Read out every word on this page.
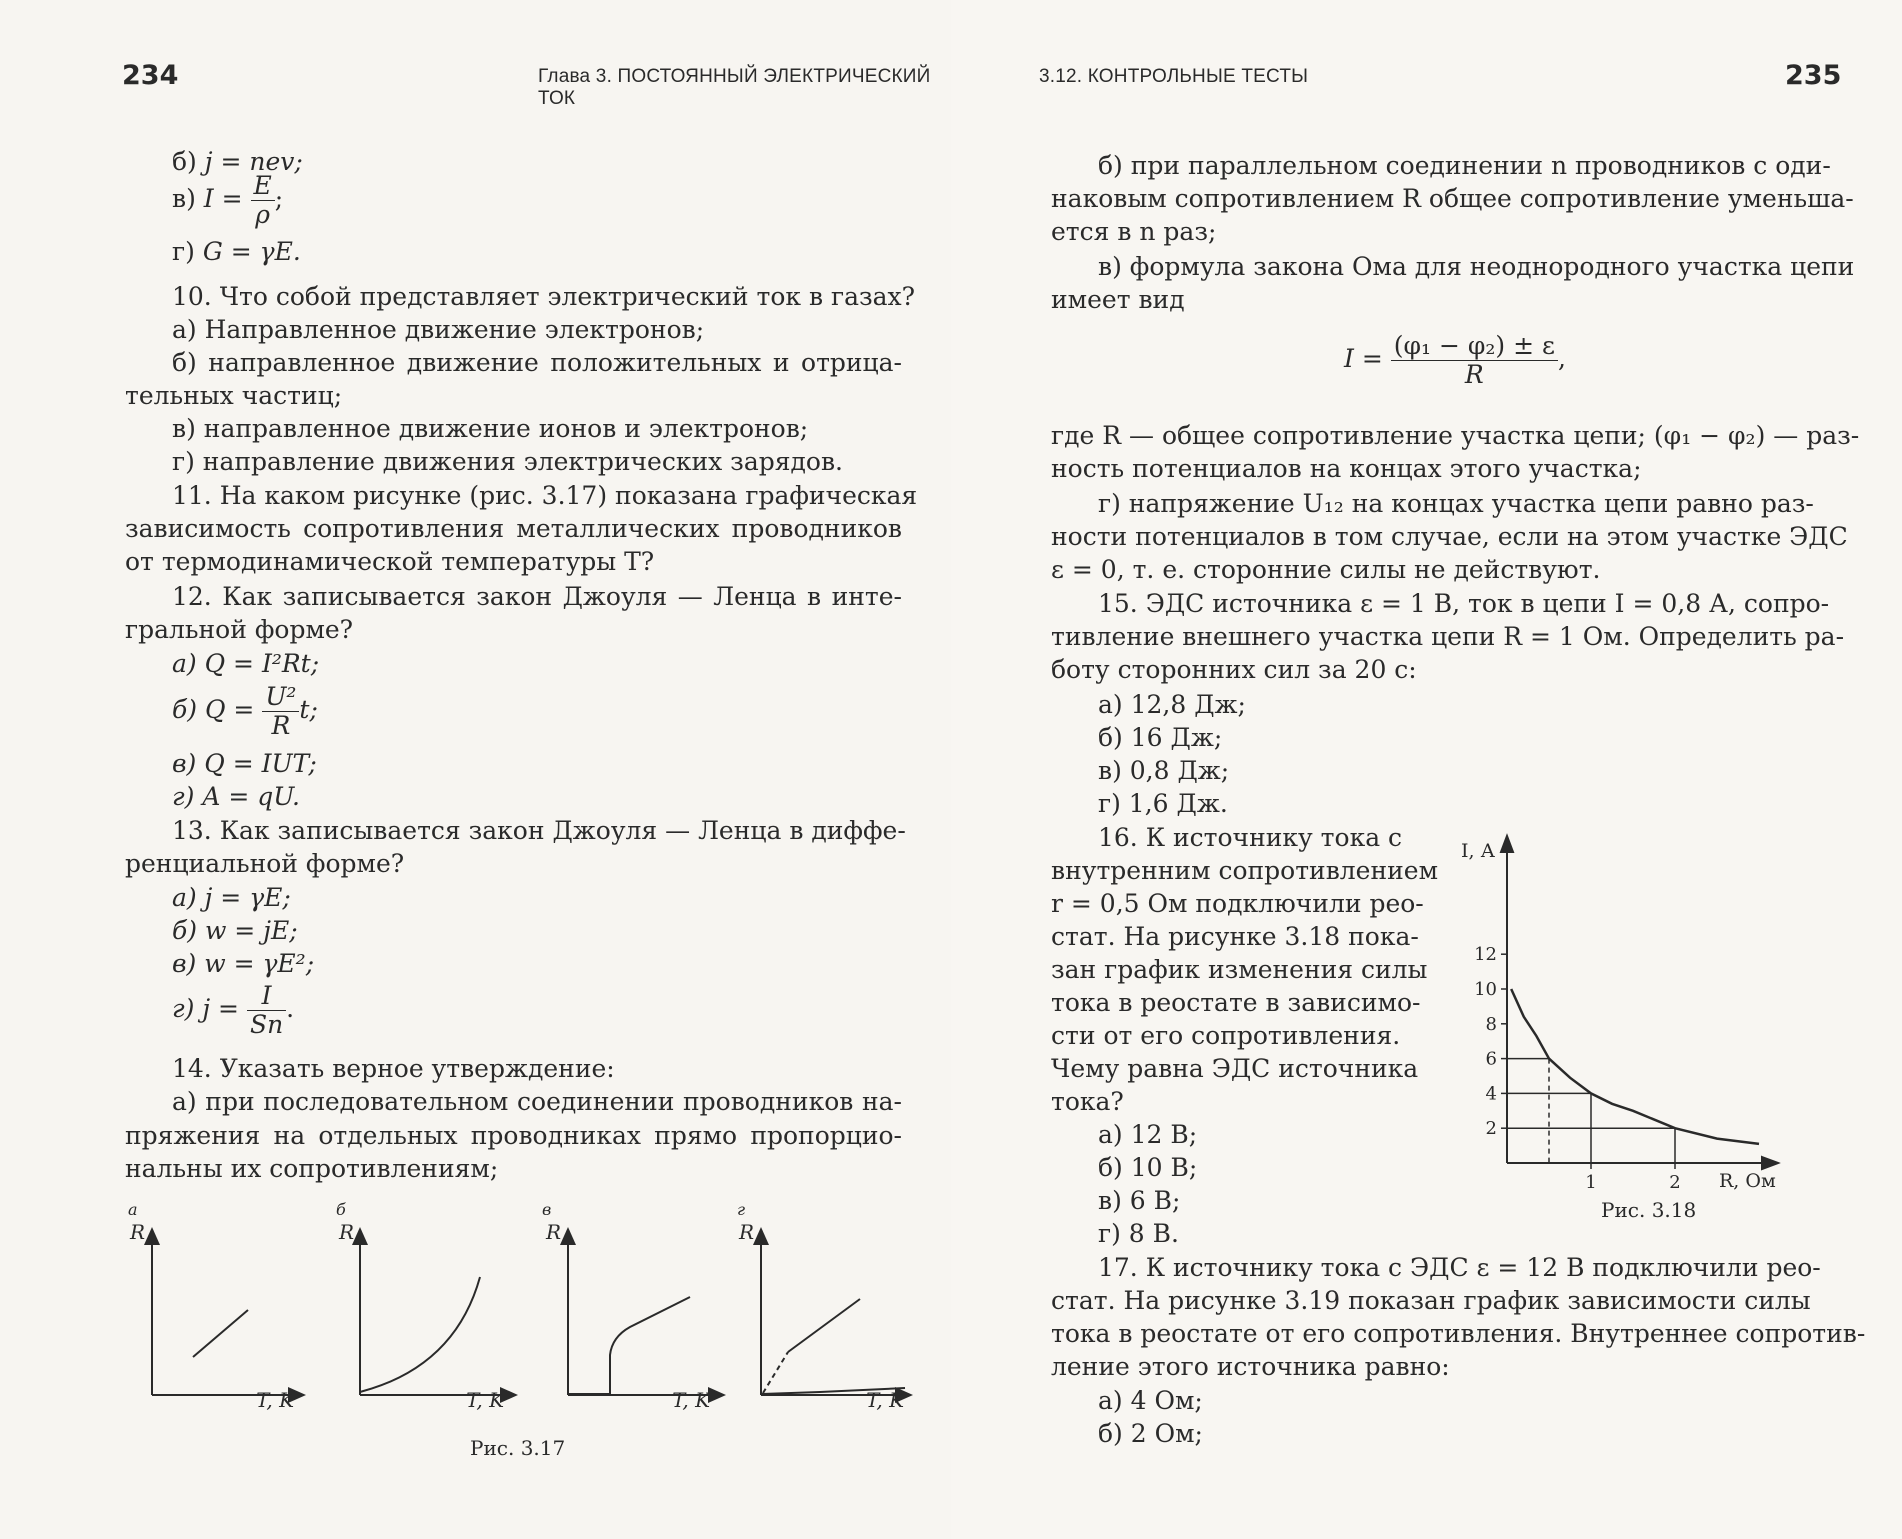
234	Глава 3. ПОСТОЯННЫЙ ЭЛЕКТРИЧЕСКИЙ ТОК
б) j = nev;
в) $I = \frac{E}{\rho}$ ;
г) G = γE.
10. Что собой представляет электрический ток в газах?
а) Направленное движение электронов;
б) направленное движение положительных и отрица-
тельных частиц;
в) направленное движение ионов и электронов;
г) направление движения электрических зарядов.
11. На каком рисунке (рис. 3.17) показана графическая
зависимость сопротивления металлических проводников
от термодинамической температуры T?
12. Как записывается закон Джоуля — Ленца в инте-
гральной форме?
а) Q = I²Rt;
б) $Q = \frac{\text{U²}}{R} t$;
в) Q = IUT;
г) A = qU.
13. Как записывается закон Джоуля — Ленца в диффе-
ренциальной форме?
а) j = γE;
б) w = jE;
в) w = γE²;
г) $j = \frac{I}{Sn}$ .
14. Указать верное утверждение:
а) при последовательном соединении проводников на-
пряжения на отдельных проводниках прямо пропорцио-
нальны их сопротивлениям;
а
R
T, K
б
R
T, K
в
R
T, K
г
R
T, K
Рис. 3.17
3.12. КОНТРОЛЬНЫЕ ТЕСТЫ	235
б) при параллельном соединении n проводников с оди-
наковым сопротивлением R общее сопротивление уменьша-
ется в n раз;
в) формула закона Ома для неоднородного участка цепи
имеет вид
$I = \frac{\text{(φ₁ − φ₂) ± ε}}{R}$ ,
где R — общее сопротивление участка цепи; (φ₁ − φ₂) — раз-
ность потенциалов на концах этого участка;
г) напряжение U₁₂ на концах участка цепи равно раз-
ности потенциалов в том случае, если на этом участке ЭДС
ε = 0, т. е. сторонние силы не действуют.
15. ЭДС источника ε = 1 В, ток в цепи I = 0,8 А, сопро-
тивление внешнего участка цепи R = 1 Ом. Определить ра-
боту сторонних сил за 20 с:
а) 12,8 Дж;
б) 16 Дж;
в) 0,8 Дж;
г) 1,6 Дж.
16. К источнику тока с
внутренним сопротивлением
r = 0,5 Ом подключили рео-
стат. На рисунке 3.18 пока-
зан график изменения силы
тока в реостате в зависимо-
сти от его сопротивления.
Чему равна ЭДС источника
тока?
а) 12 В;
б) 10 В;
в) 6 В;
г) 8 В.
2
4
6
8
10
12
1	2
I, А
R, Ом
Рис. 3.18
17. К источнику тока с ЭДС ε = 12 В подключили рео-
стат. На рисунке 3.19 показан график зависимости силы
тока в реостате от его сопротивления. Внутреннее сопротив-
ление этого источника равно:
а) 4 Ом;
б) 2 Ом;
